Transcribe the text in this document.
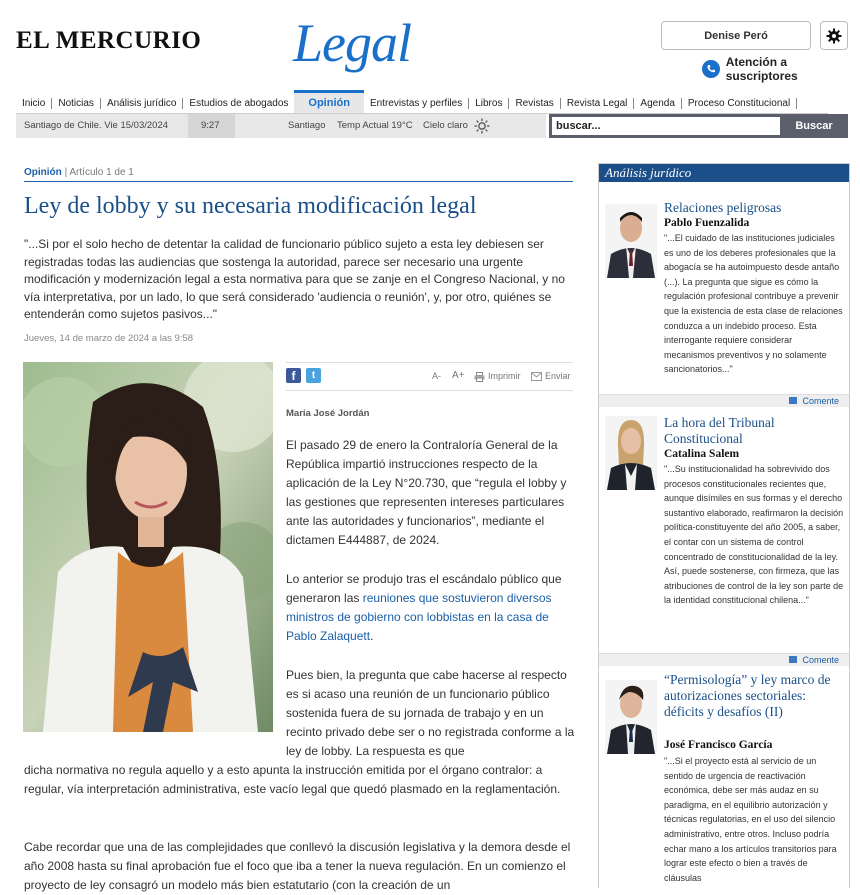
EL MERCURIO Legal	Denise Peró
Atención a suscriptores
Inicio	Noticias	Análisis jurídico	Estudios de abogados	Opinión	Entrevistas y perfiles	Libros	Revistas	Revista Legal	Agenda	Proceso Constitucional
Santiago de Chile. Vie 15/03/2024	9:27	Santiago Temp Actual 19°C Cielo claro	buscar...	Buscar
Opinión | Artículo 1 de 1
Ley de lobby y su necesaria modificación legal
"...Si por el solo hecho de detentar la calidad de funcionario público sujeto a esta ley debiesen ser registradas todas las audiencias que sostenga la autoridad, parece ser necesario una urgente modificación y modernización legal a esta normativa para que se zanje en el Congreso Nacional, y no vía interpretativa, por un lado, lo que será considerado 'audiencia o reunión', y, por otro, quiénes se entenderán como sujetos pasivos..."
Jueves, 14 de marzo de 2024 a las 9:58
f	t	A- A+	Imprimir	Enviar
María José Jordán
El pasado 29 de enero la Contraloría General de la República impartió instrucciones respecto de la aplicación de la Ley N°20.730, que “regula el lobby y las gestiones que representen intereses particulares ante las autoridades y funcionarios”, mediante el dictamen E444887, de 2024.
Lo anterior se produjo tras el escándalo público que generaron las reuniones que sostuvieron diversos ministros de gobierno con lobbistas en la casa de Pablo Zalaquett.
Pues bien, la pregunta que cabe hacerse al respecto es si acaso una reunión de un funcionario público sostenida fuera de su jornada de trabajo y en un recinto privado debe ser o no registrada conforme a la ley de lobby. La respuesta es que
dicha normativa no regula aquello y a esto apunta la instrucción emitida por el órgano contralor: a regular, vía interpretación administrativa, este vacío legal que quedó plasmado en la reglamentación.
Cabe recordar que una de las complejidades que conllevó la discusión legislativa y la demora desde el año 2008 hasta su final aprobación fue el foco que iba a tener la nueva regulación. En un comienzo el proyecto de ley consagró un modelo más bien estatutario (con la creación de un
Análisis jurídico
Relaciones peligrosas
Pablo Fuenzalida
"...El cuidado de las instituciones judiciales es uno de los deberes profesionales que la abogacía se ha autoimpuesto desde antaño (...). La pregunta que sigue es cómo la regulación profesional contribuye a prevenir que la existencia de esta clase de relaciones conduzca a un indebido proceso. Esta interrogante requiere considerar mecanismos preventivos y no solamente sancionatorios..."
Comente
La hora del Tribunal Constitucional
Catalina Salem
"...Su institucionalidad ha sobrevivido dos procesos constitucionales recientes que, aunque disímiles en sus formas y el derecho sustantivo elaborado, reafirmaron la decisión política-constituyente del año 2005, a saber, el contar con un sistema de control concentrado de constitucionalidad de la ley. Así, puede sostenerse, con firmeza, que las atribuciones de control de la ley son parte de la identidad constitucional chilena..."
Comente
“Permisología” y ley marco de autorizaciones sectoriales: déficits y desafíos (II)
José Francisco García
"...Si el proyecto está al servicio de un sentido de urgencia de reactivación económica, debe ser más audaz en su paradigma, en el equilibrio autorización y técnicas regulatorias, en el uso del silencio administrativo, entre otros. Incluso podría echar mano a los artículos transitorios para lograr este efecto o bien a través de cláusulas
